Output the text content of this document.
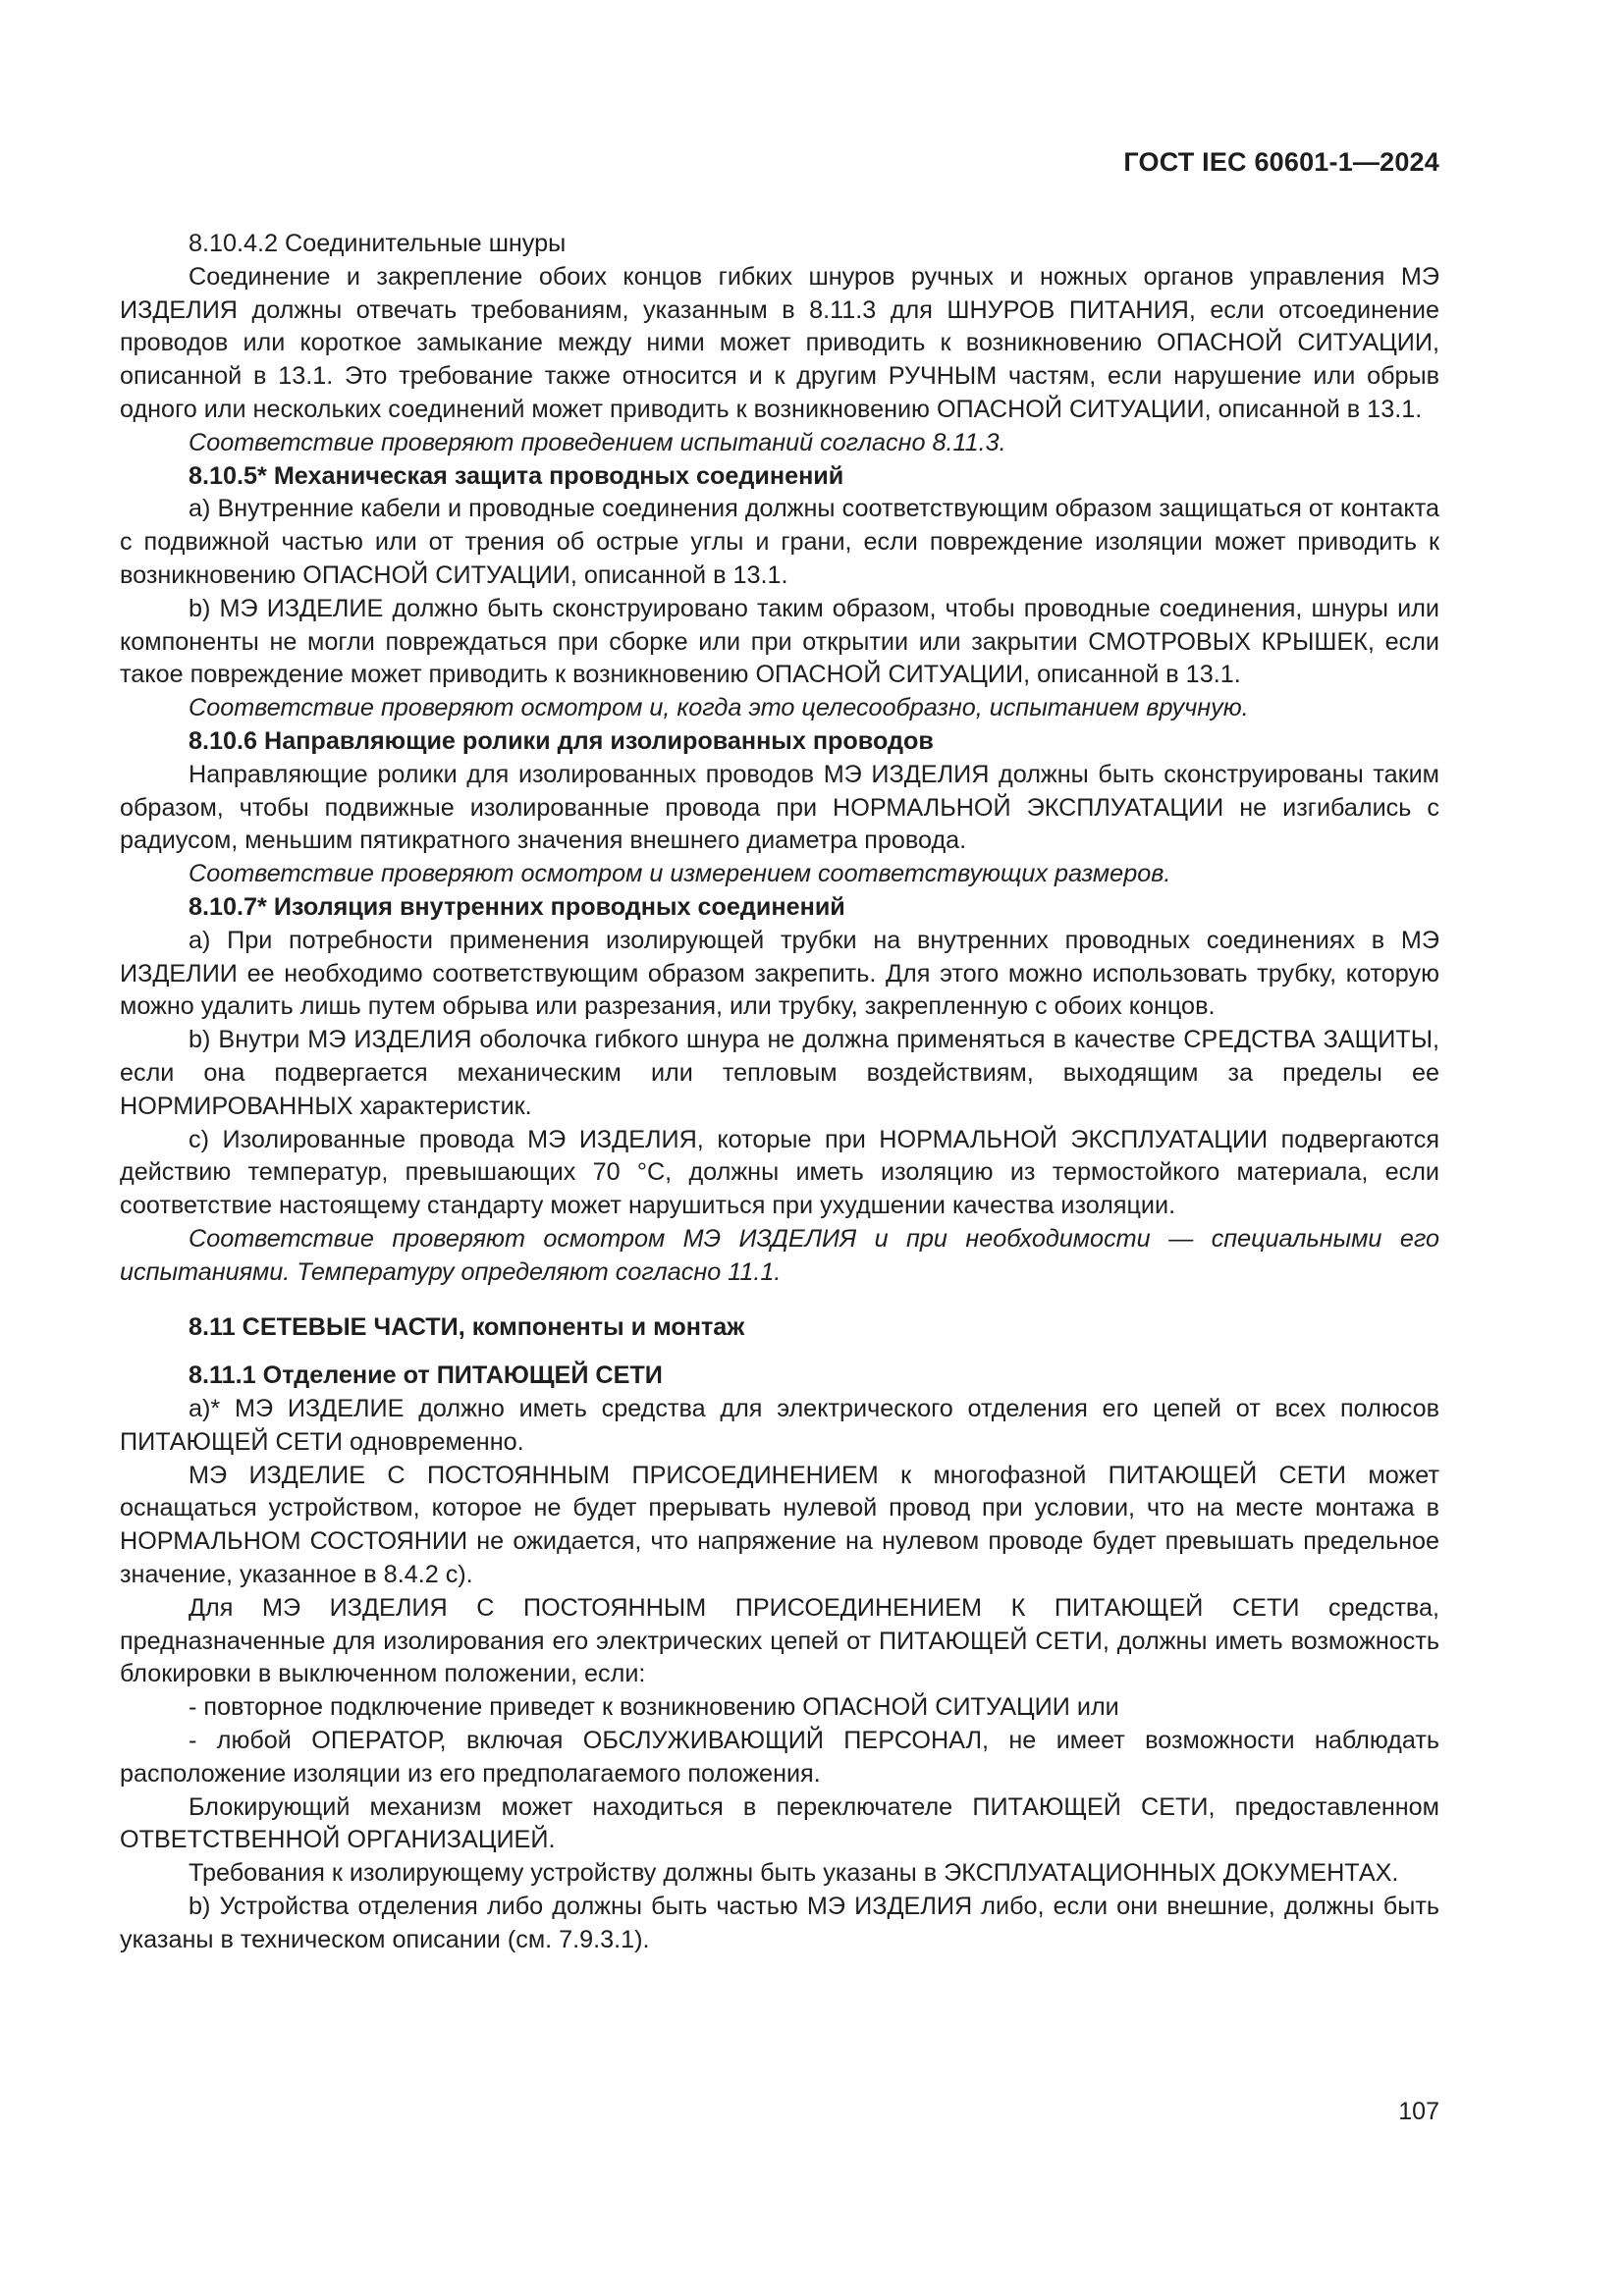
ГОСТ IEC 60601-1—2024

8.10.4.2 Соединительные шнуры

Соединение и закрепление обоих концов гибких шнуров ручных и ножных органов управления МЭ ИЗДЕЛИЯ должны отвечать требованиям, указанным в 8.11.3 для ШНУРОВ ПИТАНИЯ, если отсоединение проводов или короткое замыкание между ними может приводить к возникновению ОПАСНОЙ СИТУАЦИИ, описанной в 13.1. Это требование также относится и к другим РУЧНЫМ частям, если нарушение или обрыв одного или нескольких соединений может приводить к возникновению ОПАСНОЙ СИТУАЦИИ, описанной в 13.1.

Соответствие проверяют проведением испытаний согласно 8.11.3.

8.10.5* Механическая защита проводных соединений

а) Внутренние кабели и проводные соединения должны соответствующим образом защищаться от контакта с подвижной частью или от трения об острые углы и грани, если повреждение изоляции может приводить к возникновению ОПАСНОЙ СИТУАЦИИ, описанной в 13.1.

b) МЭ ИЗДЕЛИЕ должно быть сконструировано таким образом, чтобы проводные соединения, шнуры или компоненты не могли повреждаться при сборке или при открытии или закрытии СМОТРОВЫХ КРЫШЕК, если такое повреждение может приводить к возникновению ОПАСНОЙ СИТУАЦИИ, описанной в 13.1.

Соответствие проверяют осмотром и, когда это целесообразно, испытанием вручную.

8.10.6 Направляющие ролики для изолированных проводов

Направляющие ролики для изолированных проводов МЭ ИЗДЕЛИЯ должны быть сконструированы таким образом, чтобы подвижные изолированные провода при НОРМАЛЬНОЙ ЭКСПЛУАТАЦИИ не изгибались с радиусом, меньшим пятикратного значения внешнего диаметра провода.

Соответствие проверяют осмотром и измерением соответствующих размеров.

8.10.7* Изоляция внутренних проводных соединений

а) При потребности применения изолирующей трубки на внутренних проводных соединениях в МЭ ИЗДЕЛИИ ее необходимо соответствующим образом закрепить. Для этого можно использовать трубку, которую можно удалить лишь путем обрыва или разрезания, или трубку, закрепленную с обоих концов.

b) Внутри МЭ ИЗДЕЛИЯ оболочка гибкого шнура не должна применяться в качестве СРЕДСТВА ЗАЩИТЫ, если она подвергается механическим или тепловым воздействиям, выходящим за пределы ее НОРМИРОВАННЫХ характеристик.

c) Изолированные провода МЭ ИЗДЕЛИЯ, которые при НОРМАЛЬНОЙ ЭКСПЛУАТАЦИИ подвергаются действию температур, превышающих 70 °С, должны иметь изоляцию из термостойкого материала, если соответствие настоящему стандарту может нарушиться при ухудшении качества изоляции.

Соответствие проверяют осмотром МЭ ИЗДЕЛИЯ и при необходимости — специальными его испытаниями. Температуру определяют согласно 11.1.

8.11 СЕТЕВЫЕ ЧАСТИ, компоненты и монтаж

8.11.1 Отделение от ПИТАЮЩЕЙ СЕТИ

а)* МЭ ИЗДЕЛИЕ должно иметь средства для электрического отделения его цепей от всех полюсов ПИТАЮЩЕЙ СЕТИ одновременно.

МЭ ИЗДЕЛИЕ С ПОСТОЯННЫМ ПРИСОЕДИНЕНИЕМ к многофазной ПИТАЮЩЕЙ СЕТИ может оснащаться устройством, которое не будет прерывать нулевой провод при условии, что на месте монтажа в НОРМАЛЬНОМ СОСТОЯНИИ не ожидается, что напряжение на нулевом проводе будет превышать предельное значение, указанное в 8.4.2 с).

Для МЭ ИЗДЕЛИЯ С ПОСТОЯННЫМ ПРИСОЕДИНЕНИЕМ К ПИТАЮЩЕЙ СЕТИ средства, предназначенные для изолирования его электрических цепей от ПИТАЮЩЕЙ СЕТИ, должны иметь возможность блокировки в выключенном положении, если:

- повторное подключение приведет к возникновению ОПАСНОЙ СИТУАЦИИ или

- любой ОПЕРАТОР, включая ОБСЛУЖИВАЮЩИЙ ПЕРСОНАЛ, не имеет возможности наблюдать расположение изоляции из его предполагаемого положения.

Блокирующий механизм может находиться в переключателе ПИТАЮЩЕЙ СЕТИ, предоставленном ОТВЕТСТВЕННОЙ ОРГАНИЗАЦИЕЙ.

Требования к изолирующему устройству должны быть указаны в ЭКСПЛУАТАЦИОННЫХ ДОКУМЕНТАХ.

b) Устройства отделения либо должны быть частью МЭ ИЗДЕЛИЯ либо, если они внешние, должны быть указаны в техническом описании (см. 7.9.3.1).

107
